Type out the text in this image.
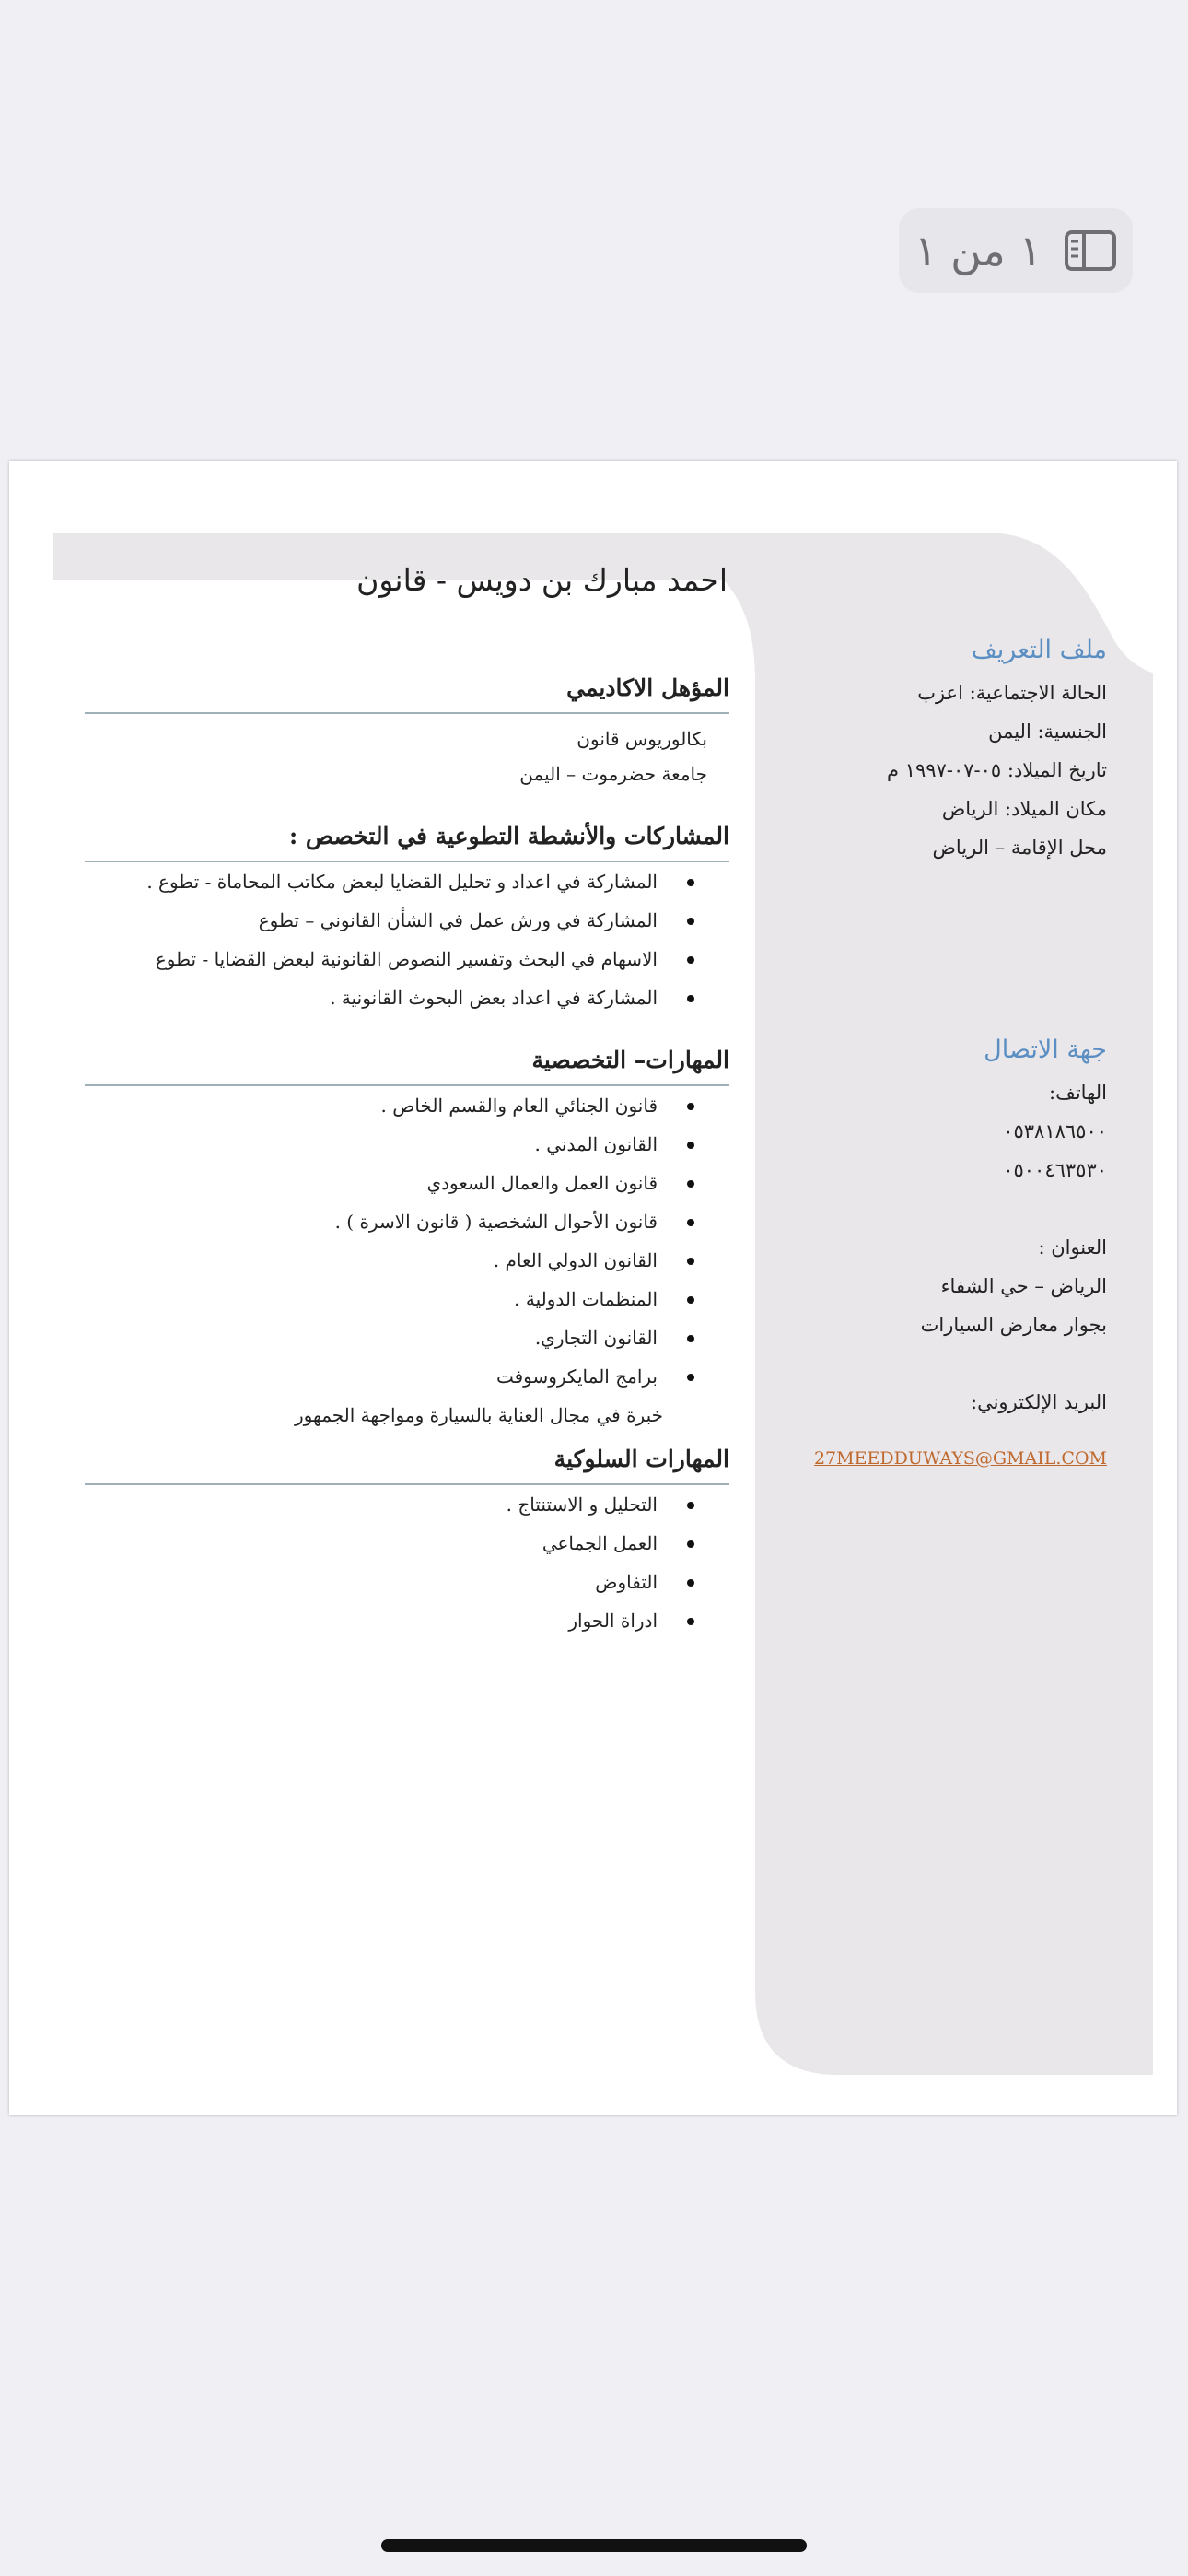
١ من ١
احمد مبارك بن دويس - قانون
ملف التعريف
الحالة الاجتماعية: اعزب
الجنسية: اليمن
تاريخ الميلاد: ٠٥-٠٧-١٩٩٧ م
مكان الميلاد: الرياض
محل الإقامة – الرياض
جهة الاتصال
الهاتف:
٠٥٣٨١٨٦٥٠٠
٠٥٠٠٤٦٣٥٣٠
العنوان :
الرياض – حي الشفاء
بجوار معارض السيارات
البريد الإلكتروني:
27MEEDDUWAYS@GMAIL.COM
المؤهل الاكاديمي
بكالوريوس قانون
جامعة حضرموت – اليمن
المشاركات والأنشطة التطوعية في التخصص :
المشاركة في اعداد و تحليل القضايا لبعض مكاتب المحاماة - تطوع .
المشاركة في ورش عمل في الشأن القانوني – تطوع
الاسهام في البحث وتفسير النصوص القانونية لبعض القضايا - تطوع
المشاركة في اعداد بعض البحوث القانونية .
المهارات– التخصصية
قانون الجنائي العام والقسم الخاص .
القانون المدني .
قانون العمل والعمال السعودي
قانون الأحوال الشخصية ( قانون الاسرة ) .
القانون الدولي العام .
المنظمات الدولية .
القانون التجاري.
برامج المايكروسوفت
خبرة في مجال العناية بالسيارة ومواجهة الجمهور
المهارات السلوكية
التحليل و الاستنتاج .
العمل الجماعي
التفاوض
ادراة الحوار
